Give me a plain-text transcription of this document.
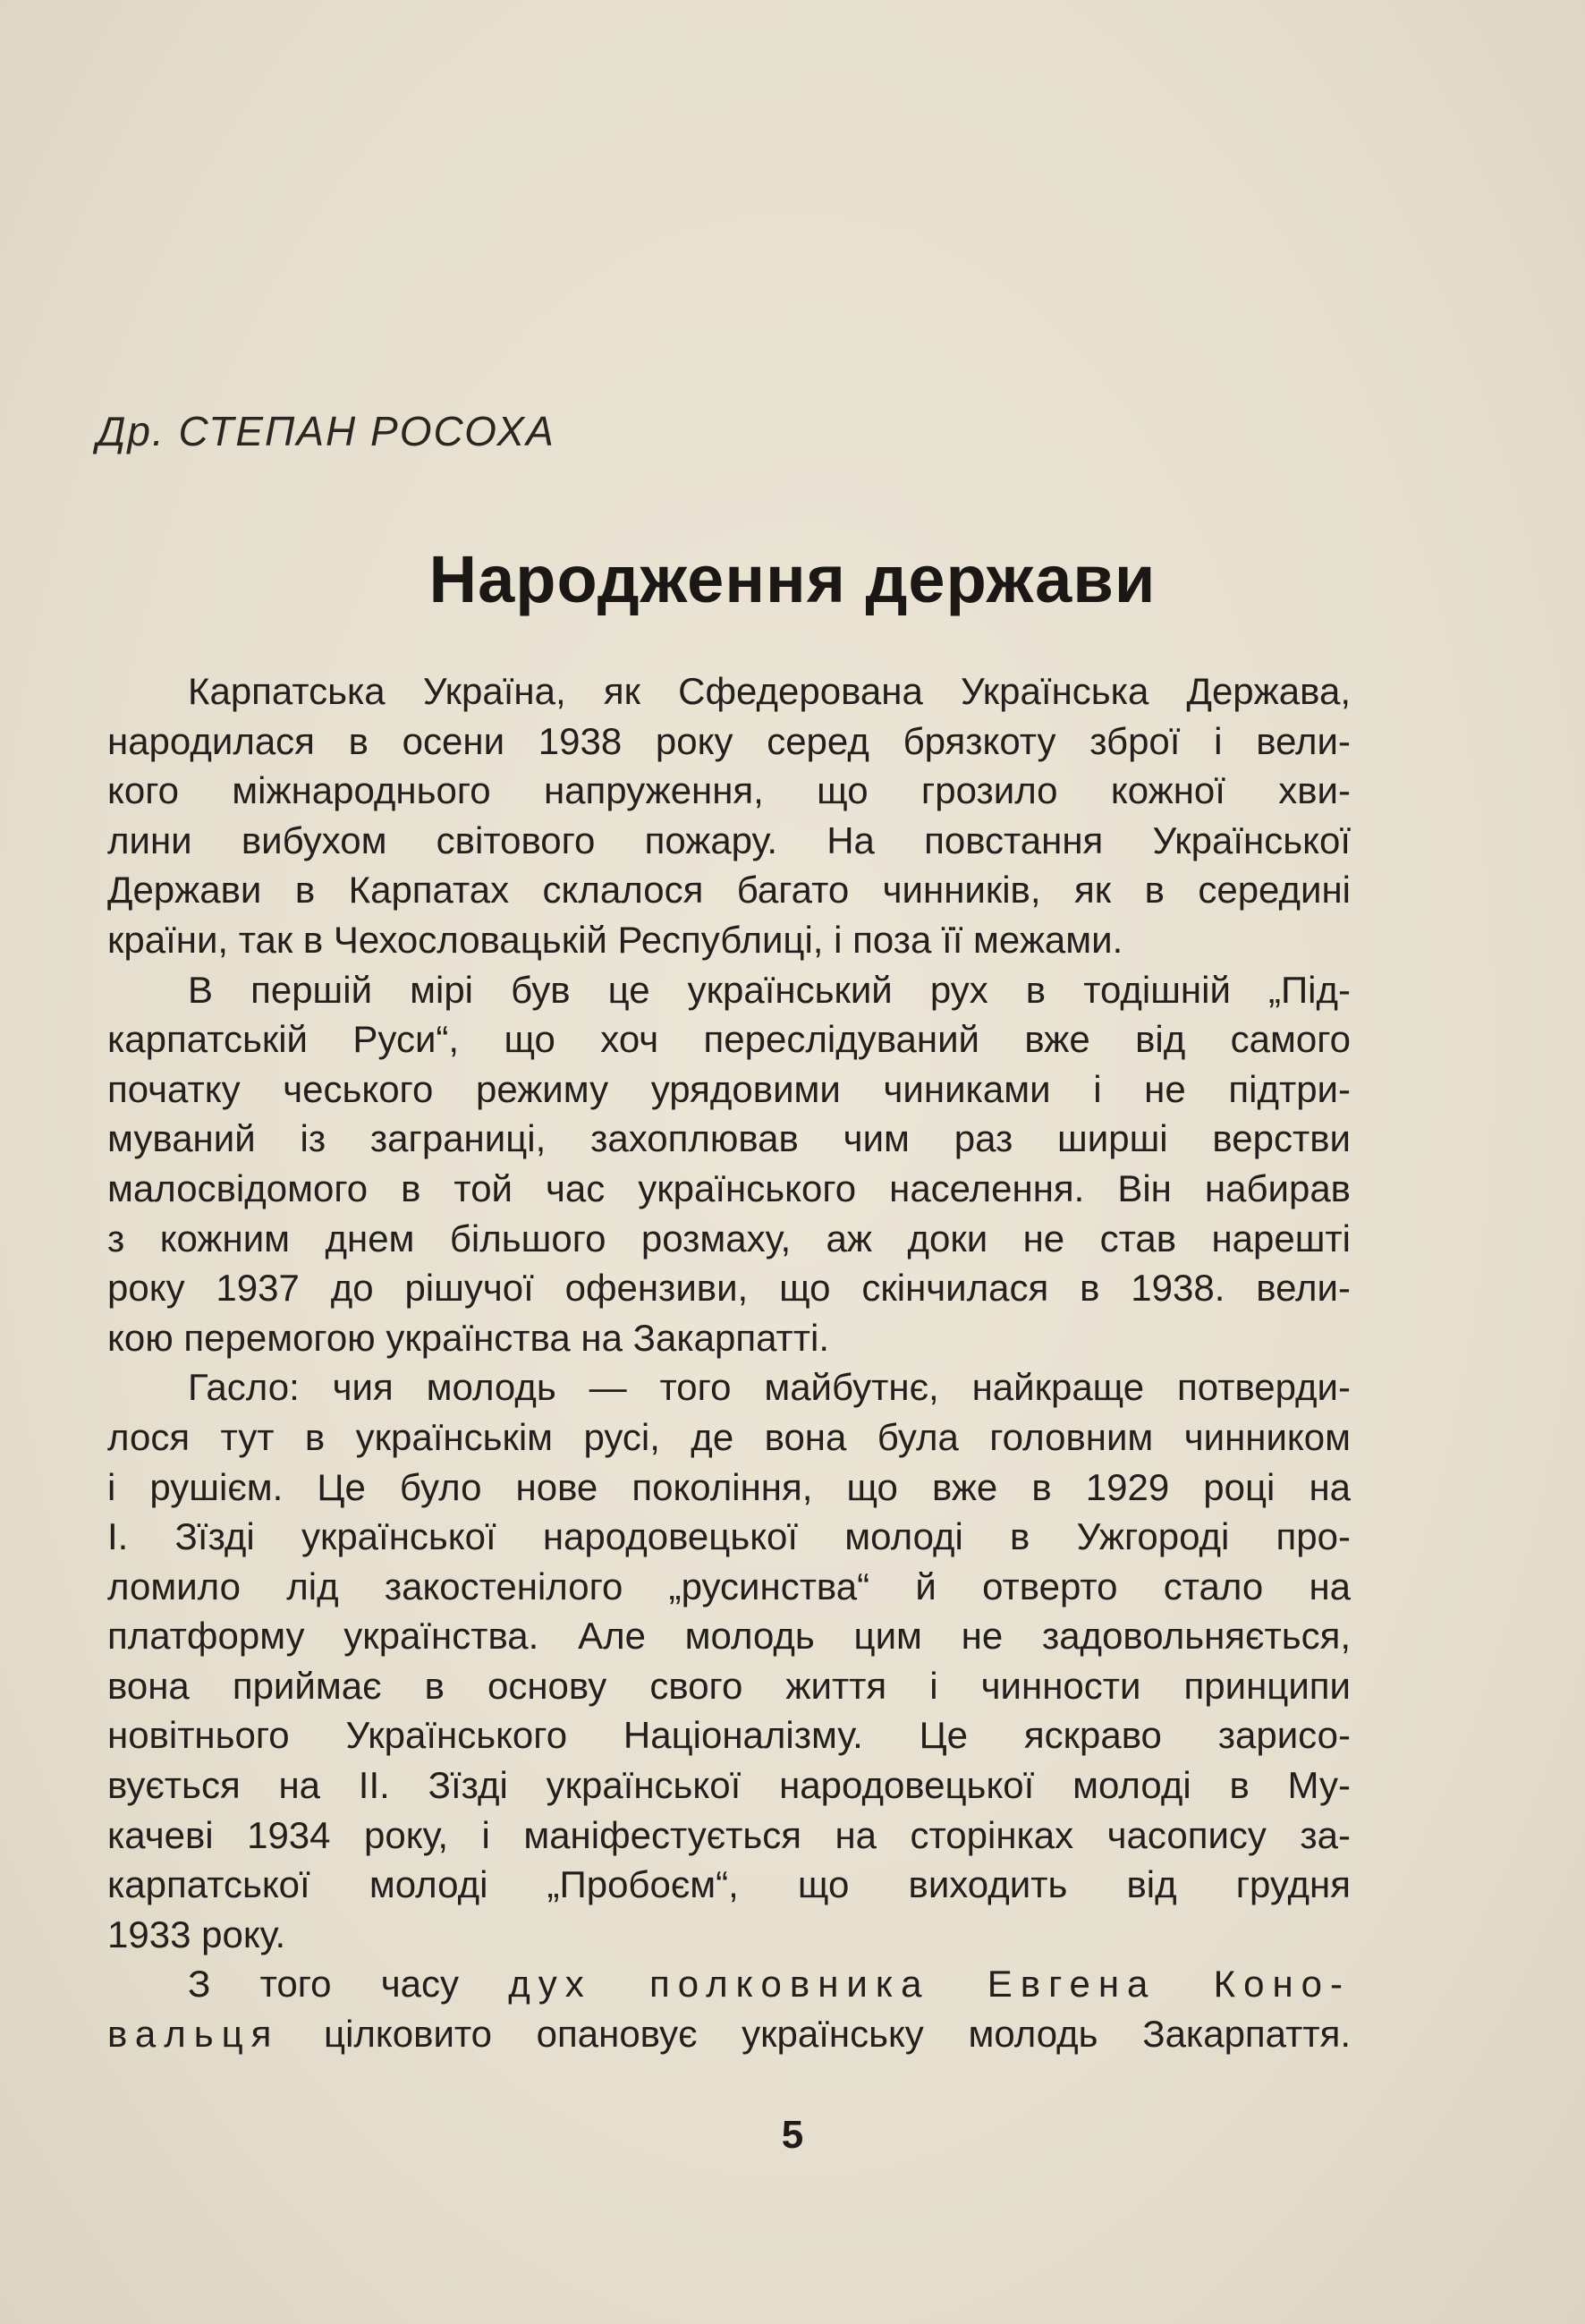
Др. СТЕПАН РОСОХА
Народження держави
Карпатська Україна, як Сфедерована Українська Держава,
народилася в осени 1938 року серед брязкоту зброї і вели-
кого міжнароднього напруження, що грозило кожної хви-
лини вибухом світового пожару. На повстання Української
Держави в Карпатах склалося багато чинників, як в середині
країни, так в Чехословацькій Республиці, і поза її межами.
В першій мірі був це український рух в тодішній „Під-
карпатській Руси“, що хоч переслідуваний вже від самого
початку чеського режиму урядовими чиниками і не підтри-
муваний із заграниці, захоплював чим раз ширші верстви
малосвідомого в той час українського населення. Він набирав
з кожним днем більшого розмаху, аж доки не став нарешті
року 1937 до рішучої офензиви, що скінчилася в 1938. вели-
кою перемогою українства на Закарпатті.
Гасло: чия молодь — того майбутнє, найкраще потверди-
лося тут в українськім русі, де вона була головним чинником
і рушієм. Це було нове покоління, що вже в 1929 році на
І. Зїзді української народовецької молоді в Ужгороді про-
ломило лід закостенілого „русинства“ й отверто стало на
платформу українства. Але молодь цим не задовольняється,
вона приймає в основу свого життя і чинности принципи
новітнього Українського Націоналізму. Це яскраво зарисо-
вується на ІІ. Зїзді української народовецької молоді в Му-
качеві 1934 року, і маніфестується на сторінках часопису за-
карпатської молоді „Пробоєм“, що виходить від грудня
1933 року.
З того часу дух полковника Евгена Коно-
вальця цілковито опановує українську молодь Закарпаття.
5
